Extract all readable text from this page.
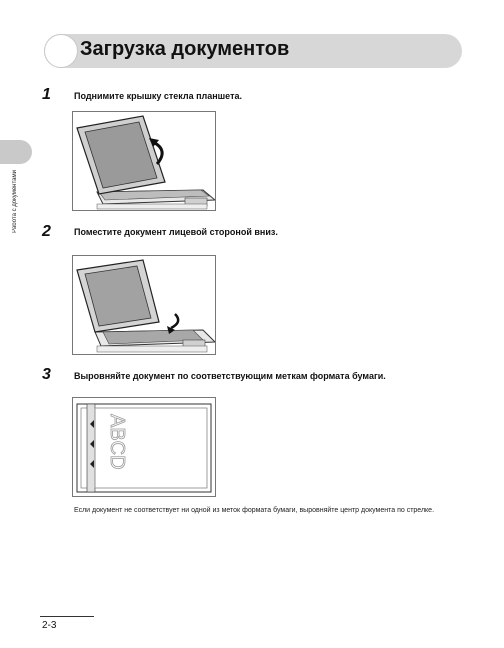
Загрузка документов
Работа с документами
1	Поднимите крышку стекла планшета.
2	Поместите документ лицевой стороной вниз.
3	Выровняйте документ по соответствующим меткам формата бумаги.
ABCD
Если документ не соответствует ни одной из меток формата бумаги, выровняйте центр документа по стрелке.
2-3
